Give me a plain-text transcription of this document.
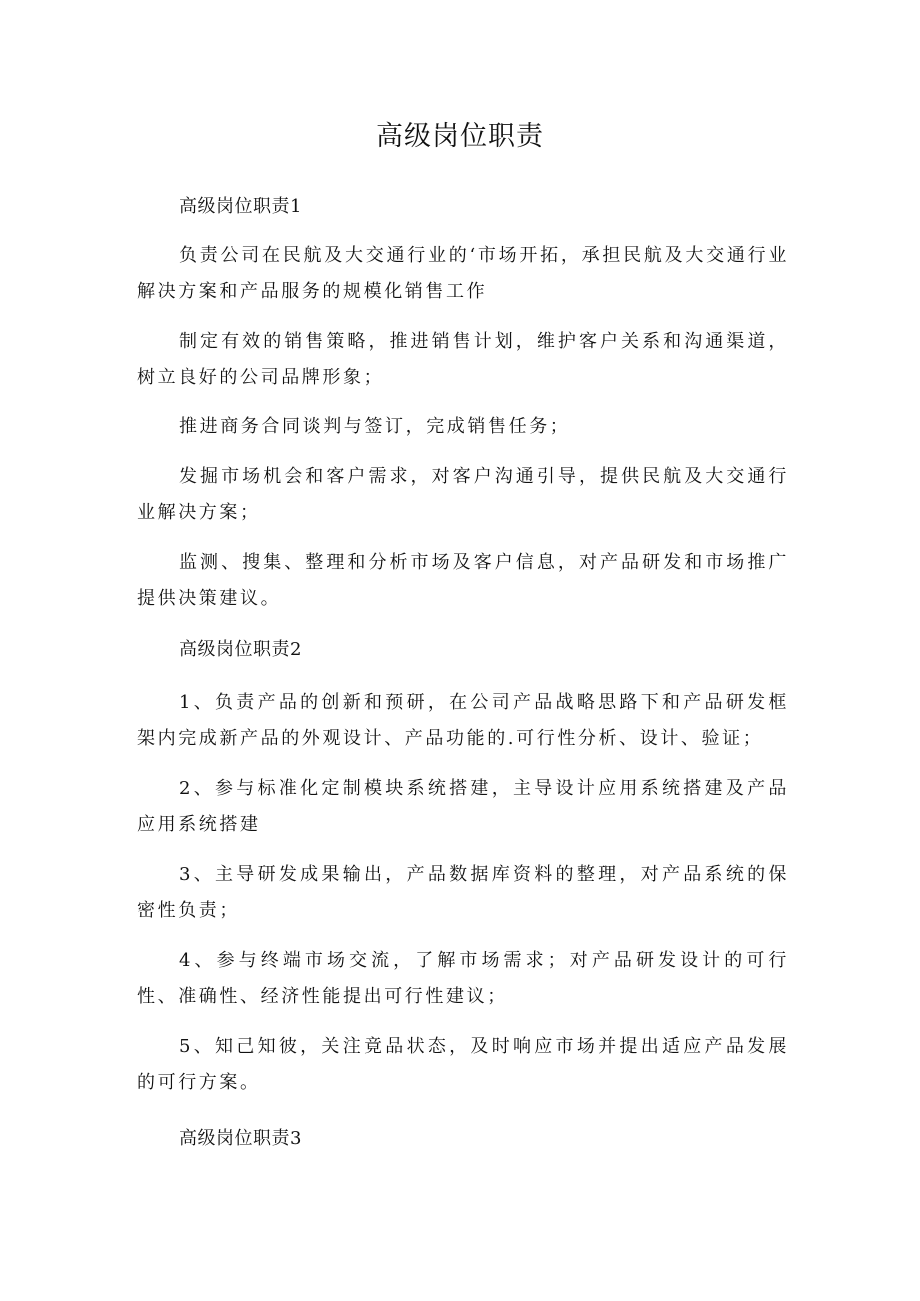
高级岗位职责

高级岗位职责1

负责公司在民航及大交通行业的‘市场开拓，承担民航及大交通行业解决方案和产品服务的规模化销售工作

制定有效的销售策略，推进销售计划，维护客户关系和沟通渠道，树立良好的公司品牌形象；

推进商务合同谈判与签订，完成销售任务；

发掘市场机会和客户需求，对客户沟通引导，提供民航及大交通行业解决方案；

监测、搜集、整理和分析市场及客户信息，对产品研发和市场推广提供决策建议。

高级岗位职责2

1、负责产品的创新和预研，在公司产品战略思路下和产品研发框架内完成新产品的外观设计、产品功能的.可行性分析、设计、验证；

2、参与标准化定制模块系统搭建，主导设计应用系统搭建及产品应用系统搭建

3、主导研发成果输出，产品数据库资料的整理，对产品系统的保密性负责；

4、参与终端市场交流，了解市场需求；对产品研发设计的可行性、准确性、经济性能提出可行性建议；

5、知己知彼，关注竟品状态，及时响应市场并提出适应产品发展的可行方案。

高级岗位职责3
